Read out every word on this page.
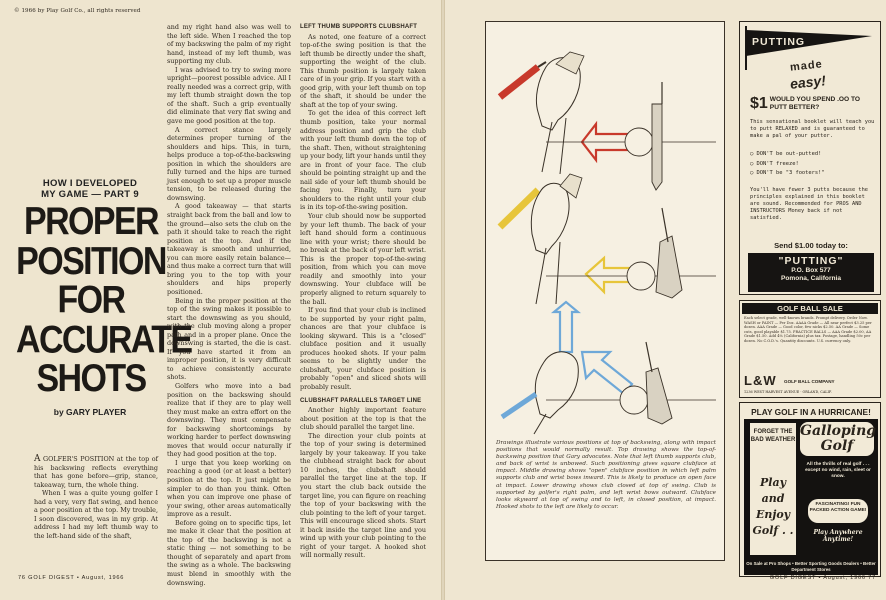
© 1966 by Play Golf Co., all rights reserved
HOW I DEVELOPED
MY GAME — PART 9
PROPER
POSITION
FOR
ACCURATE
SHOTS
by GARY PLAYER

A GOLFER'S POSITION at the top of his backswing reflects everything that has gone before—grip, stance, takeaway, turn, the whole thing.

When I was a quite young golfer I had a very, very flat swing, and hence a poor position at the top. My trouble, I soon discovered, was in my grip. At address I had my left thumb way to the left-hand side of the shaft,

and my right hand also was well to the left side. When I reached the top of my backswing the palm of my right hand, instead of my left thumb, was supporting my club.

I was advised to try to swing more upright—poorest possible advice. All I really needed was a correct grip, with my left thumb straight down the top of the shaft. Such a grip eventually did eliminate that very flat swing and gave me good position at the top.

A correct stance largely determines proper turning of the shoulders and hips. This, in turn, helps produce a top-of-the-backswing position in which the shoulders are fully turned and the hips are turned just enough to set up a proper muscle tension, to be released during the downswing.

A good takeaway — that starts straight back from the ball and low to the ground—also sets the club on the path it should take to reach the right position at the top. And if the takeaway is smooth and unhurried, you can more easily retain balance—and thus make a correct turn that will bring you to the top with your shoulders and hips properly positioned.

Being in the proper position at the top of the swing makes it possible to start the downswing as you should, with the club moving along a proper path and in a proper plane. Once the downswing is started, the die is cast. If you have started it from an improper position, it is very difficult to achieve consistently accurate shots.

Golfers who move into a bad position on the backswing should realize that if they are to play well they must make an extra effort on the downswing. They must compensate for backswing shortcomings by working harder to perfect downswing moves that would occur naturally if they had good position at the top.

I urge that you keep working on reaching a good (or at least a better) position at the top. It just might be simpler to do than you think. Often when you can improve one phase of your swing, other areas automatically improve as a result.

Before going on to specific tips, let me make it clear that the position at the top of the backswing is not a static thing — not something to be thought of separately and apart from the swing as a whole. The backswing must blend in smoothly with the downswing.

LEFT THUMB SUPPORTS CLUBSHAFT

As noted, one feature of a correct top-of-the swing position is that the left thumb be directly under the shaft, supporting the weight of the club. This thumb position is largely taken care of in your grip. If you start with a good grip, with your left thumb on top of the shaft, it should be under the shaft at the top of your swing.

To get the idea of this correct left thumb position, take your normal address position and grip the club with your left thumb down the top of the shaft. Then, without straightening up your body, lift your hands until they are in front of your face. The club should be pointing straight up and the nail side of your left thumb should be facing you. Finally, turn your shoulders to the right until your club is in its top-of-the-swing position.

Your club should now be supported by your left thumb. The back of your left hand should form a continuous line with your wrist; there should be no break at the back of your left wrist. This is the proper top-of-the-swing position, from which you can move readily and smoothly into your downswing. Your clubface will be properly aligned to return squarely to the ball.

If you find that your club is inclined to be supported by your right palm, chances are that your clubface is looking skyward. This is a "closed" clubface position and it usually produces hooked shots. If your palm seems to be slightly under the clubshaft, your clubface position is probably "open" and sliced shots will probably result.

CLUBSHAFT PARALLELS TARGET LINE

Another highly important feature about position at the top is that the club should parallel the target line.

The direction your club points at the top of your swing is determined largely by your takeaway. If you take the clubhead straight back for about 10 inches, the clubshaft should parallel the target line at the top. If you start the club back outside the target line, you can figure on reaching the top of your backswing with the club pointing to the left of your target. This will encourage sliced shots. Start it back inside the target line and you wind up with your club pointing to the right of your target. A hooked shot will normally result.

76 GOLF DIGEST • August, 1966
Drawings illustrate various positions at top of backswing, along with impact positions that would normally result. Top drawing shows the top-of-backswing position that Gary advocates. Note that left thumb supports club, and back of wrist is unbowed. Such positioning gives square clubface at impact. Middle drawing shows "open" clubface position in which left palm supports club and wrist bows inward. This is likely to produce an open face at impact. Lower drawing shows club closed at top of swing. Club is supported by golfer's right palm, and left wrist bows outward. Clubface looks skyward at top of swing and to left, in closed position, at impact. Hooked shots to the left are likely to occur.
PUTTING
made
easy!
$1 WOULD YOU SPEND .OO TO PUTT BETTER?
This sensational booklet will teach you to putt RELAXED and is guaranteed to make a pal of your putter.
◯ DON'T be out-putted!
◯ DON'T freeze!
◯ DON'T be "3 footers!"
You'll have fewer 3 putts because the principles explained in this booklet are sound. Recommended for PROS AND INSTRUCTORS Money back if not satisfied.
Send $1.00 today to:
"PUTTING"
P.O. Box 577
Pomona, California
GOLF BALL SALE
Each select grade, well-known brands. Prompt delivery. Order Now. WASH or PAINT — Per Doz. AAAA Grade — All near perfect $3.25 per dozen. AAA Grade — Good color, few nicks $2.50. AA Grade — Some cuts, good playable $1.75. PRACTICE BALLS — AAA Grade $2.00, AA Grade $1.50. Add 4% (California) plus tax. Postage, handling 50c per dozen. No C.O.D.'s. Quantity discounts. U.S. currency only.
L&W GOLF BALL COMPANY
1236 WEST HARVEST AVENUE · ORLAND, CALIF.
PLAY GOLF IN A HURRICANE!
FORGET THE BAD WEATHER
Play and Enjoy Golf . .
Galloping Golf
All the thrills of real golf . . . except no wind, rain, sleet or snow.
FASCINATING! FUN PACKED ACTION GAME!
Play Anywhere Anytime!
On Sale at Pro Shops • Better Sporting Goods Dealers • Better Department Stores
GOLF DIGEST • August, 1966 77
